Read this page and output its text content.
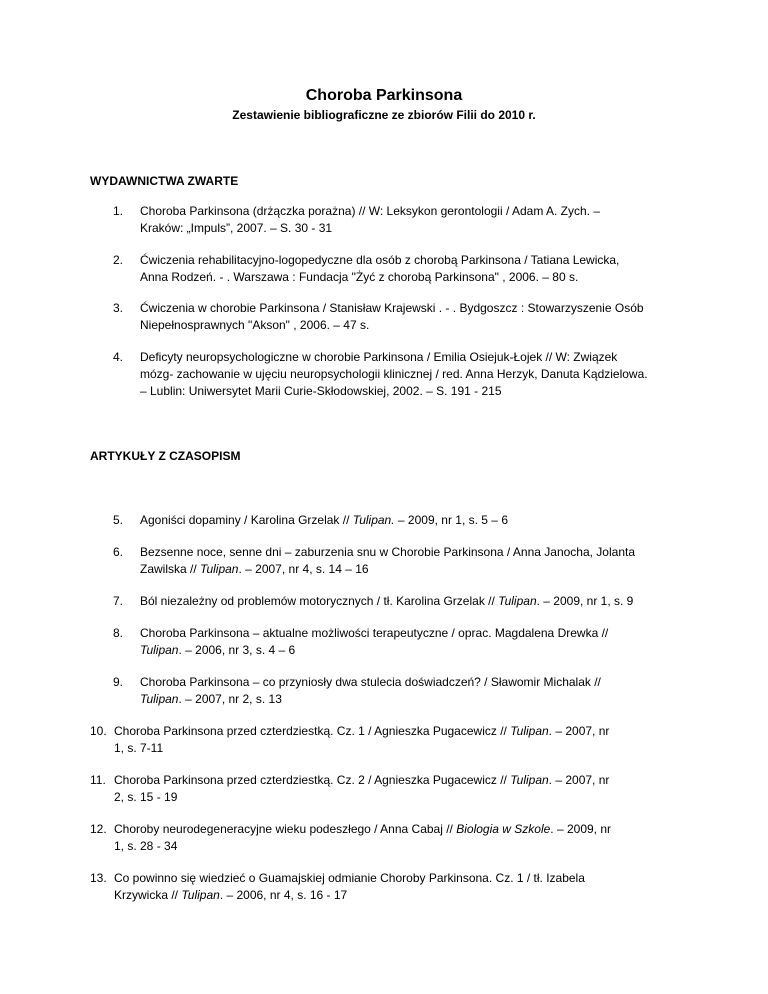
Choroba Parkinsona
Zestawienie bibliograficzne ze zbiorów Filii do 2010 r.
WYDAWNICTWA ZWARTE
1. Choroba Parkinsona (drżączka porażna) // W: Leksykon gerontologii / Adam A. Zych. –
Kraków: „Impuls”, 2007. – S. 30 - 31
2. Ćwiczenia rehabilitacyjno-logopedyczne dla osób z chorobą Parkinsona / Tatiana Lewicka,
Anna Rodzeń. - . Warszawa : Fundacja "Żyć z chorobą Parkinsona" , 2006. – 80 s.
3. Ćwiczenia w chorobie Parkinsona / Stanisław Krajewski . - . Bydgoszcz : Stowarzyszenie Osób
Niepełnosprawnych "Akson" , 2006. – 47 s.
4. Deficyty neuropsychologiczne w chorobie Parkinsona / Emilia Osiejuk-Łojek // W: Związek
mózg- zachowanie w ujęciu neuropsychologii klinicznej / red. Anna Herzyk, Danuta Kądzielowa.
– Lublin: Uniwersytet Marii Curie-Skłodowskiej, 2002. – S. 191 - 215
ARTYKUŁY Z CZASOPISM
5. Agoniści dopaminy / Karolina Grzelak // Tulipan. – 2009, nr 1, s. 5 – 6
6. Bezsenne noce, senne dni – zaburzenia snu w Chorobie Parkinsona / Anna Janocha, Jolanta
Zawilska // Tulipan. – 2007, nr 4, s. 14 – 16
7. Ból niezależny od problemów motorycznych / tł. Karolina Grzelak // Tulipan. – 2009, nr 1, s. 9
8. Choroba Parkinsona – aktualne możliwości terapeutyczne / oprac. Magdalena Drewka //
Tulipan. – 2006, nr 3, s. 4 – 6
9. Choroba Parkinsona – co przyniosły dwa stulecia doświadczeń? / Sławomir Michalak //
Tulipan. – 2007, nr 2, s. 13
10. Choroba Parkinsona przed czterdziestką. Cz. 1 / Agnieszka Pugacewicz // Tulipan. – 2007, nr
1, s. 7-11
11. Choroba Parkinsona przed czterdziestką. Cz. 2 / Agnieszka Pugacewicz // Tulipan. – 2007, nr
2, s. 15 - 19
12. Choroby neurodegeneracyjne wieku podeszłego / Anna Cabaj // Biologia w Szkole. – 2009, nr
1, s. 28 - 34
13. Co powinno się wiedzieć o Guamajskiej odmianie Choroby Parkinsona. Cz. 1 / tł. Izabela
Krzywicka // Tulipan. – 2006, nr 4, s. 16 - 17
